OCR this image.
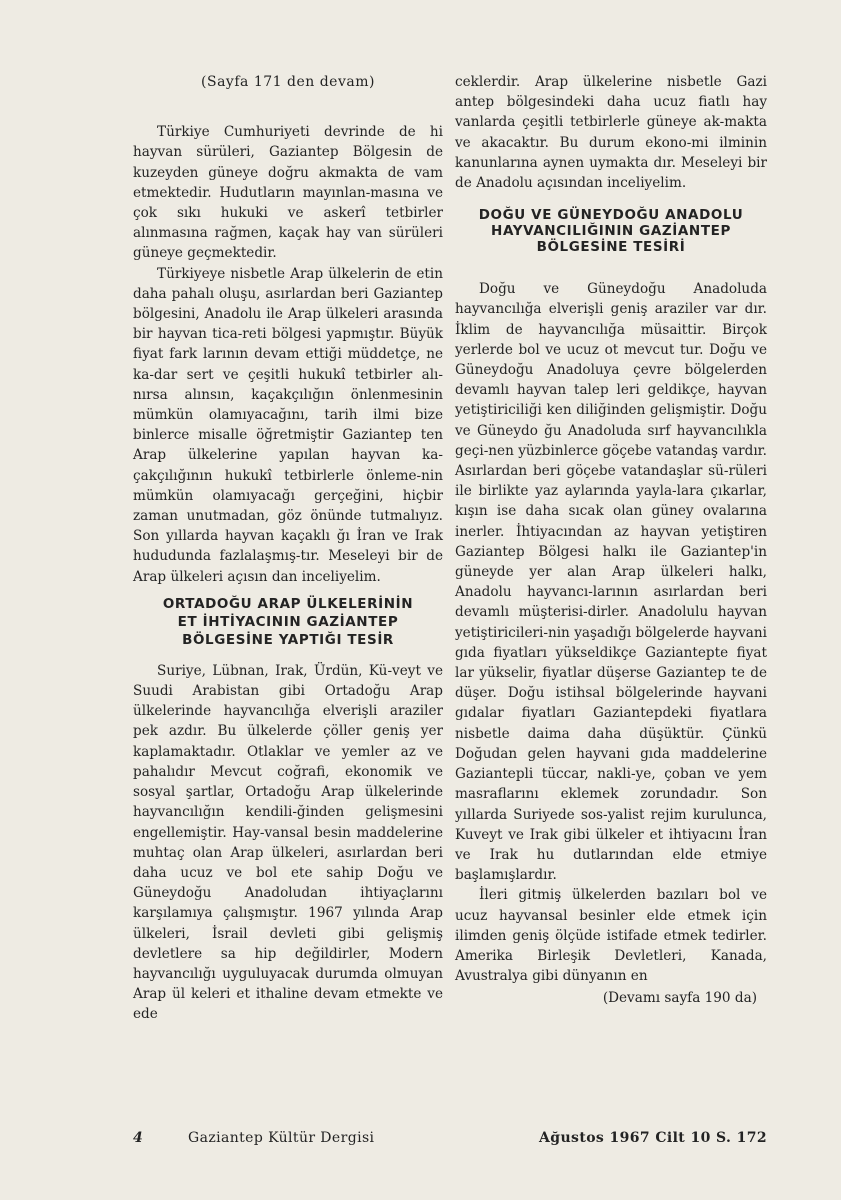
(Sayfa 171 den devam)

Türkiye Cumhuriyeti devrinde de hi hayvan sürüleri, Gaziantep Bölgesin de kuzeyden güneye doğru akmakta de vam etmektedir. Hudutların mayınlan-masına ve çok sıkı hukuki ve askerî tetbirler alınmasına rağmen, kaçak hay van sürüleri güneye geçmektedir.

Türkiyeye nisbetle Arap ülkelerin de etin daha pahalı oluşu, asırlardan beri Gaziantep bölgesini, Anadolu ile Arap ülkeleri arasında bir hayvan tica-reti bölgesi yapmıştır. Büyük fiyat fark larının devam ettiği müddetçe, ne ka-dar sert ve çeşitli hukukî tetbirler alı-nırsa alınsın, kaçakçılığın önlenmesinin mümkün olamıyacağını, tarih ilmi bize binlerce misalle öğretmiştir Gaziantep ten Arap ülkelerine yapılan hayvan ka-çakçılığının hukukî tetbirlerle önleme-nin mümkün olamıyacağı gerçeğini, hiçbir zaman unutmadan, göz önünde tutmalıyız. Son yıllarda hayvan kaçaklı ğı İran ve Irak hududunda fazlalaşmış-tır. Meseleyi bir de Arap ülkeleri açısın dan inceliyelim.

ORTADOĞU ARAP ÜLKELERİNİN
ET İHTİYACININ GAZİANTEP
BÖLGESİNE YAPTIĞI TESİR

Suriye, Lübnan, Irak, Ürdün, Kü-veyt ve Suudi Arabistan gibi Ortadoğu Arap ülkelerinde hayvancılığa elverişli araziler pek azdır. Bu ülkelerde çöller geniş yer kaplamaktadır. Otlaklar ve yemler az ve pahalıdır Mevcut coğrafi, ekonomik ve sosyal şartlar, Ortadoğu Arap ülkelerinde hayvancılığın kendili-ğinden gelişmesini engellemiştir. Hay-vansal besin maddelerine muhtaç olan Arap ülkeleri, asırlardan beri daha ucuz ve bol ete sahip Doğu ve Güneydoğu Anadoludan ihtiyaçlarını karşılamıya çalışmıştır. 1967 yılında Arap ülkeleri, İsrail devleti gibi gelişmiş devletlere sa hip değildirler, Modern hayvancılığı uyguluyacak durumda olmuyan Arap ül keleri et ithaline devam etmekte ve ede

ceklerdir. Arap ülkelerine nisbetle Gazi antep bölgesindeki daha ucuz fiatlı hay vanlarda çeşitli tetbirlerle güneye ak-makta ve akacaktır. Bu durum ekono-mi ilminin kanunlarına aynen uymakta dır. Meseleyi bir de Anadolu açısından inceliyelim.

DOĞU VE GÜNEYDOĞU ANADOLU
HAYVANCILIĞININ GAZİANTEP
BÖLGESİNE TESİRİ

Doğu ve Güneydoğu Anadoluda hayvancılığa elverişli geniş araziler var dır. İklim de hayvancılığa müsaittir. Birçok yerlerde bol ve ucuz ot mevcut tur. Doğu ve Güneydoğu Anadoluya çevre bölgelerden devamlı hayvan talep leri geldikçe, hayvan yetiştiriciliği ken diliğinden gelişmiştir. Doğu ve Güneydo ğu Anadoluda sırf hayvancılıkla geçi-nen yüzbinlerce göçebe vatandaş vardır. Asırlardan beri göçebe vatandaşlar sü-rüleri ile birlikte yaz aylarında yayla-lara çıkarlar, kışın ise daha sıcak olan güney ovalarına inerler. İhtiyacından az hayvan yetiştiren Gaziantep Bölgesi halkı ile Gaziantep'in güneyde yer alan Arap ülkeleri halkı, Anadolu hayvancı-larının asırlardan beri devamlı müşterisi-dirler. Anadolulu hayvan yetiştiricileri-nin yaşadığı bölgelerde hayvani gıda fiyatları yükseldikçe Gaziantepte fiyat lar yükselir, fiyatlar düşerse Gaziantep te de düşer. Doğu istihsal bölgelerinde hayvani gıdalar fiyatları Gaziantepdeki fiyatlara nisbetle daima daha düşüktür. Çünkü Doğudan gelen hayvani gıda maddelerine Gaziantepli tüccar, nakli-ye, çoban ve yem masraflarını eklemek zorundadır. Son yıllarda Suriyede sos-yalist rejim kurulunca, Kuveyt ve Irak gibi ülkeler et ihtiyacını İran ve Irak hu dutlarından elde etmiye başlamışlardır.

İleri gitmiş ülkelerden bazıları bol ve ucuz hayvansal besinler elde etmek için ilimden geniş ölçüde istifade etmek tedirler. Amerika Birleşik Devletleri, Kanada, Avustralya gibi dünyanın en

(Devamı sayfa 190 da)
4	Gaziantep Kültür Dergisi	Ağustos 1967 Cilt 10 S. 172
